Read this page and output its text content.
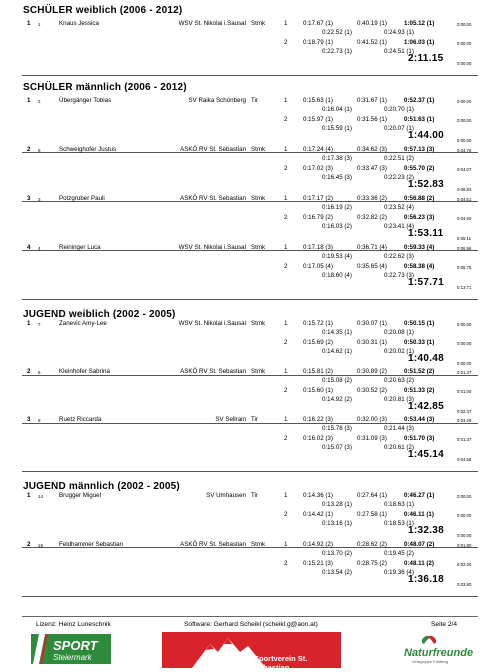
SCHÜLER weiblich (2006 - 2012)
1 1	Knaus Jessica	WSV St. Nikolai i.Sausal Stmk	1	0:17.67 (1)	0:40.19 (1)	1:05.12 (1)	0:00.00
0:22.52 (1)	0:24.93 (1)
2	0:18.79 (1)	0:41.52 (1)	1:06.03 (1)	0:00.00
0:22.73 (1)	0:24.51 (1)
2:11.15	0:00.00
SCHÜLER männlich (2006 - 2012)
1 2	Übergänger Tobias	SV Raika Schönberg Tir	1	0:15.63 (1)	0:31.67 (1)	0:52.37 (1)	0:00.00
0:16.04 (1)	0:20.70 (1)
2	0:15.97 (1)	0:31.56 (1)	0:51.63 (1)	0:00.00
0:15.59 (1)	0:20.07 (1)
1:44.00	0:00.00
2 5	Schweighofer Justus	ASKÖ RV St. Sebastian Stmk	1	0:17.24 (4)	0:34.62 (3)	0:57.13 (3)	0:04.76
0:17.38 (3)	0:22.51 (2)
2	0:17.02 (3)	0:33.47 (3)	0:55.70 (2)	0:04.07
0:16.45 (3)	0:22.23 (2)
1:52.83	0:08.83
3 3	Potzgruber Pauli	ASKÖ RV St. Sebastian Stmk	1	0:17.17 (2)	0:33.36 (2)	0:56.88 (2)	0:04.51
0:16.19 (2)	0:23.52 (4)
2	0:16.79 (2)	0:32.82 (2)	0:56.23 (3)	0:04.60
0:16.03 (2)	0:23.41 (4)
1:53.11	0:09.11
4 4	Reininger Luca	WSV St. Nikolai i.Sausal Stmk	1	0:17.18 (3)	0:36.71 (4)	0:59.33 (4)	0:06.96
0:19.53 (4)	0:22.62 (3)
2	0:17.05 (4)	0:35.65 (4)	0:58.38 (4)	0:06.75
0:18.60 (4)	0:22.73 (3)
1:57.71	0:13.71
JUGEND weiblich (2002 - 2005)
1 7	Zanevic Amy-Lee	WSV St. Nikolai i.Sausal Stmk	1	0:15.72 (1)	0:30.07 (1)	0:50.15 (1)	0:00.00
0:14.35 (1)	0:20.08 (1)
2	0:15.69 (2)	0:30.31 (1)	0:50.33 (1)	0:00.00
0:14.62 (1)	0:20.02 (1)
1:40.48	0:00.00
2 6	Kleinhofer Sabrina	ASKÖ RV St. Sebastian Stmk	1	0:15.81 (2)	0:30.89 (2)	0:51.52 (2)	0:01.37
0:15.08 (2)	0:20.63 (2)
2	0:15.60 (1)	0:30.52 (2)	0:51.33 (2)	0:01.00
0:14.92 (2)	0:20.81 (3)
1:42.85	0:02.37
3 8	Ruetz Riccarda	SV Sellrain Tir	1	0:16.22 (3)	0:32.00 (3)	0:53.44 (3)	0:03.29
0:15.78 (3)	0:21.44 (3)
2	0:16.02 (3)	0:31.09 (3)	0:51.70 (3)	0:01.37
0:15.07 (3)	0:20.61 (2)
1:45.14	0:04.66
JUGEND männlich (2002 - 2005)
1 14	Brugger Miguel	SV Umhausen Tir	1	0:14.36 (1)	0:27.64 (1)	0:46.27 (1)	0:00.00
0:13.28 (1)	0:18.63 (1)
2	0:14.42 (1)	0:27.58 (1)	0:46.11 (1)	0:00.00
0:13.16 (1)	0:18.53 (1)
1:32.38	0:00.00
2 15	Feldhammer Sebastian	ASKÖ RV St. Sebastian Stmk	1	0:14.92 (2)	0:28.62 (2)	0:48.07 (2)	0:01.80
0:13.70 (2)	0:19.45 (2)
2	0:15.21 (3)	0:28.75 (2)	0:48.11 (2)	0:02.00
0:13.54 (2)	0:19.36 (4)
1:36.18	0:03.80
Lizenz: Heinz Luneschnik	Software: Gerhard Scheikl (scheikl.g@aon.at)	Seite 2/4
SPORT
Steiermark	Sportverein St. Sebastian
Naturfreunde
Ortsgruppe Freiberg
